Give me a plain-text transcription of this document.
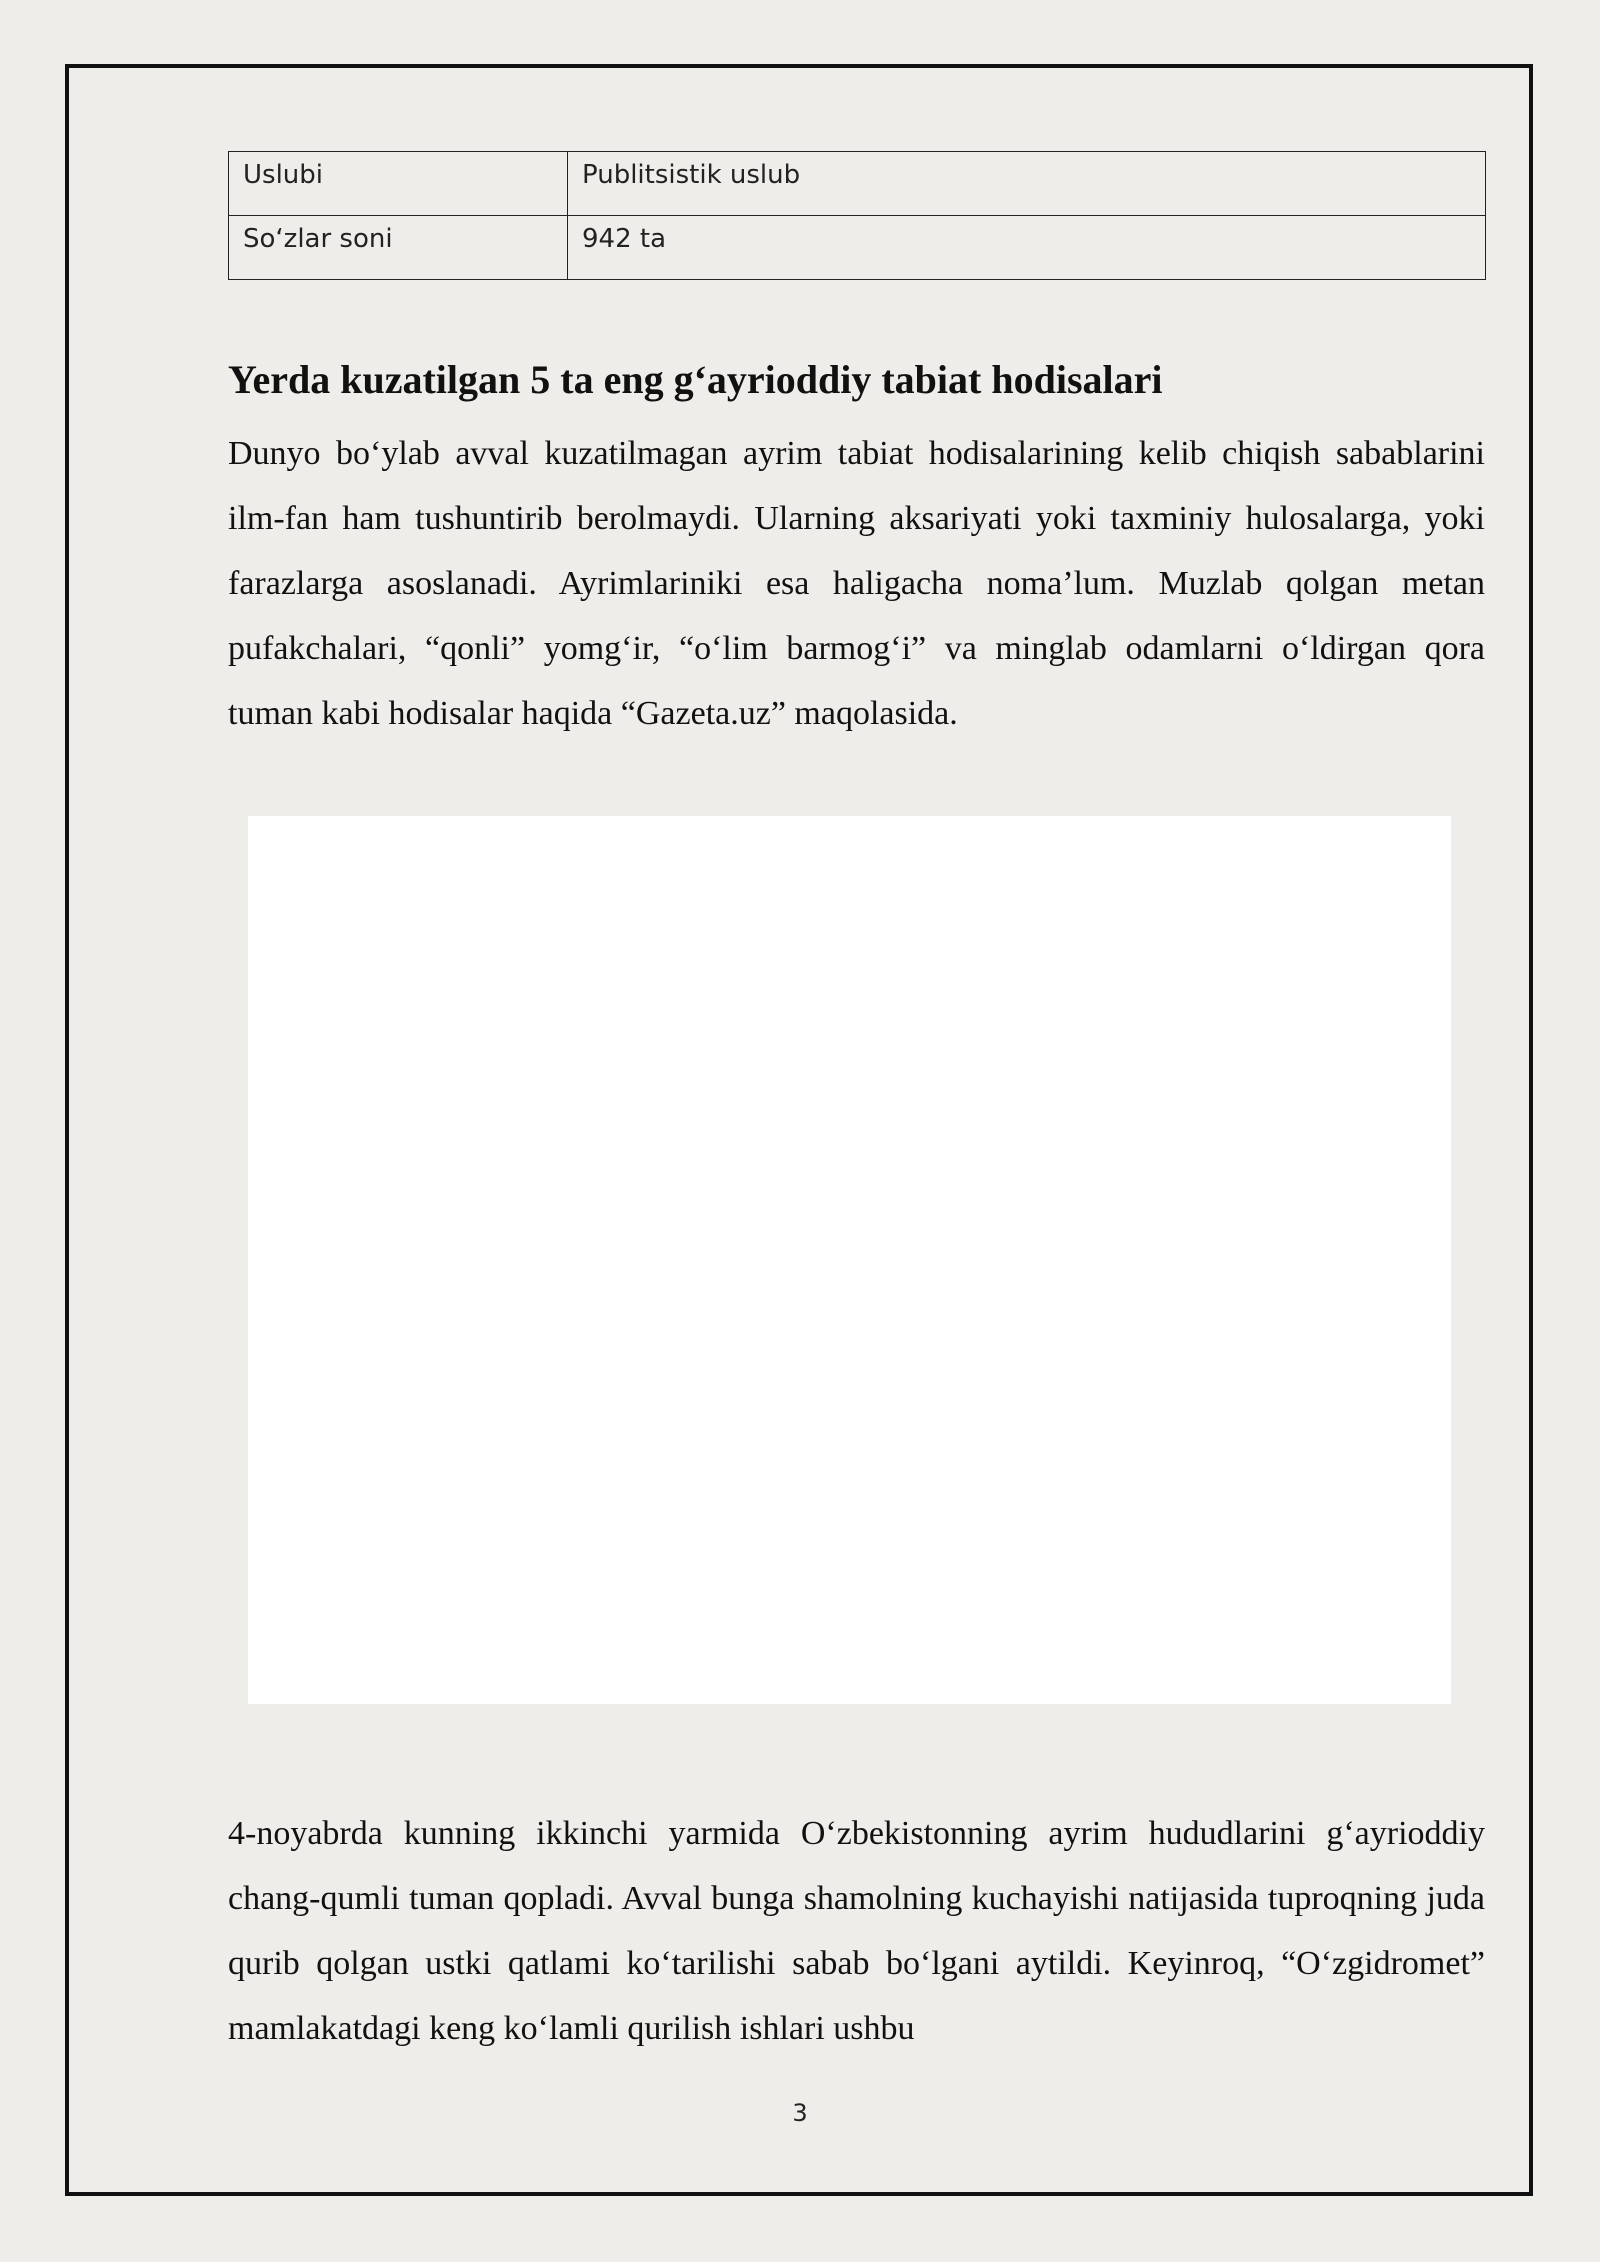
Uslubi	Publitsistik uslub
So‘zlar soni	942 ta
Yerda kuzatilgan 5 ta eng g‘ayrioddiy tabiat hodisalari

Dunyo bo‘ylab avval kuzatilmagan ayrim tabiat hodisalarining kelib chiqish sabablarini ilm-fan ham tushuntirib berolmaydi. Ularning aksariyati yoki taxminiy hulosalarga, yoki farazlarga asoslanadi. Ayrimlariniki esa haligacha noma’lum. Muzlab qolgan metan pufakchalari, “qonli” yomg‘ir, “o‘lim barmog‘i” va minglab odamlarni o‘ldirgan qora tuman kabi hodisalar haqida “Gazeta.uz” maqolasida.

4-noyabrda kunning ikkinchi yarmida O‘zbekistonning ayrim hududlarini g‘ayrioddiy chang-qumli tuman qopladi. Avval bunga shamolning kuchayishi natijasida tuproqning juda qurib qolgan ustki qatlami ko‘tarilishi sabab bo‘lgani aytildi. Keyinroq, “O‘zgidromet” mamlakatdagi keng ko‘lamli qurilish ishlari ushbu

3
